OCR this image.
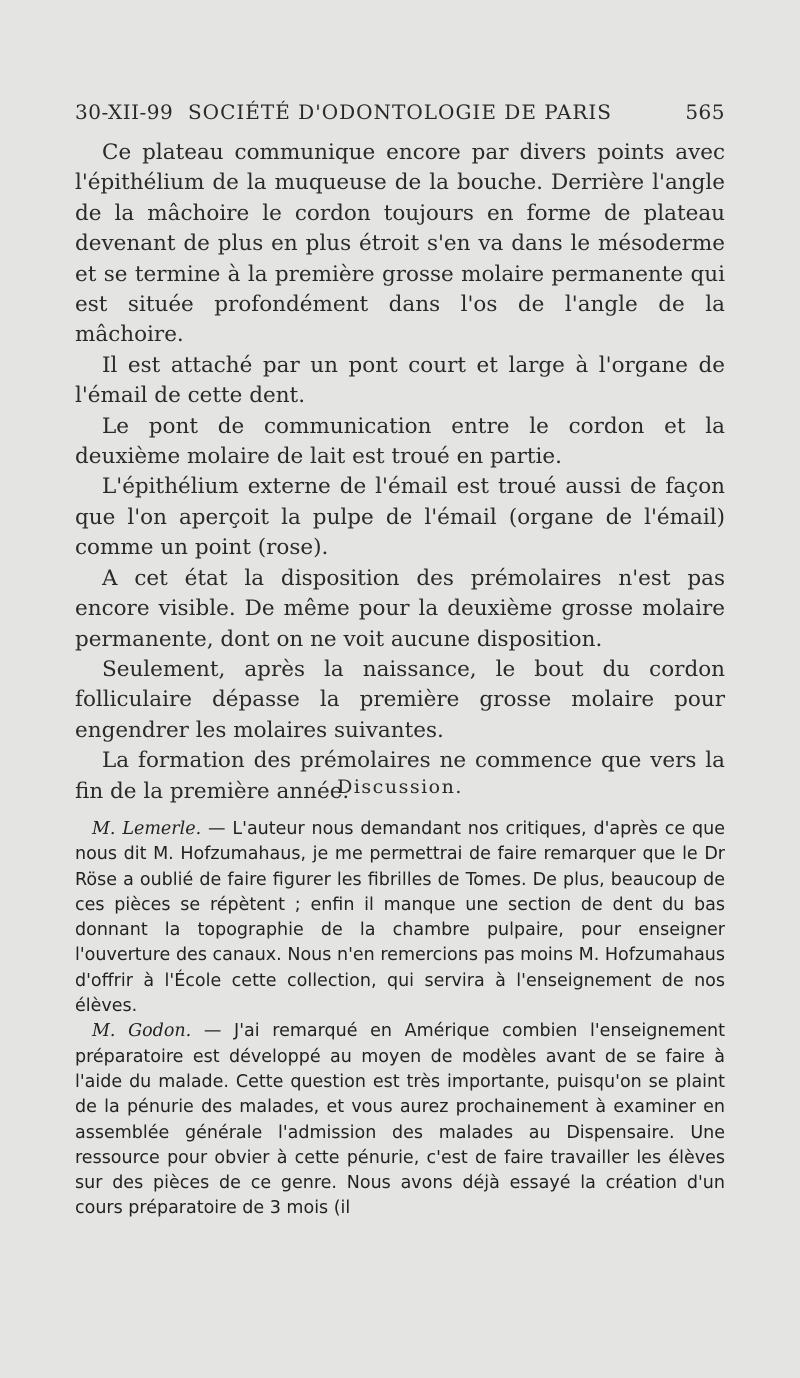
30-XII-99 SOCIÉTÉ D'ODONTOLOGIE DE PARIS	565

Ce plateau communique encore par divers points avec l'épithélium de la muqueuse de la bouche. Derrière l'angle de la mâchoire le cordon toujours en forme de plateau devenant de plus en plus étroit s'en va dans le mésoderme et se termine à la première grosse molaire permanente qui est située profondément dans l'os de l'angle de la mâchoire.

Il est attaché par un pont court et large à l'organe de l'émail de cette dent.

Le pont de communication entre le cordon et la deuxième molaire de lait est troué en partie.

L'épithélium externe de l'émail est troué aussi de façon que l'on aperçoit la pulpe de l'émail (organe de l'émail) comme un point (rose).

A cet état la disposition des prémolaires n'est pas encore visible. De même pour la deuxième grosse molaire permanente, dont on ne voit aucune disposition.

Seulement, après la naissance, le bout du cordon folliculaire dépasse la première grosse molaire pour engendrer les molaires suivantes.

La formation des prémolaires ne commence que vers la fin de la première année.

Discussion.

M. Lemerle. — L'auteur nous demandant nos critiques, d'après ce que nous dit M. Hofzumahaus, je me permettrai de faire remarquer que le Dr Röse a oublié de faire figurer les fibrilles de Tomes. De plus, beaucoup de ces pièces se répètent ; enfin il manque une section de dent du bas donnant la topographie de la chambre pulpaire, pour enseigner l'ouverture des canaux. Nous n'en remercions pas moins M. Hofzumahaus d'offrir à l'École cette collection, qui servira à l'enseignement de nos élèves.

M. Godon. — J'ai remarqué en Amérique combien l'enseignement préparatoire est développé au moyen de modèles avant de se faire à l'aide du malade. Cette question est très importante, puisqu'on se plaint de la pénurie des malades, et vous aurez prochainement à examiner en assemblée générale l'admission des malades au Dispensaire. Une ressource pour obvier à cette pénurie, c'est de faire travailler les élèves sur des pièces de ce genre. Nous avons déjà essayé la création d'un cours préparatoire de 3 mois (il
